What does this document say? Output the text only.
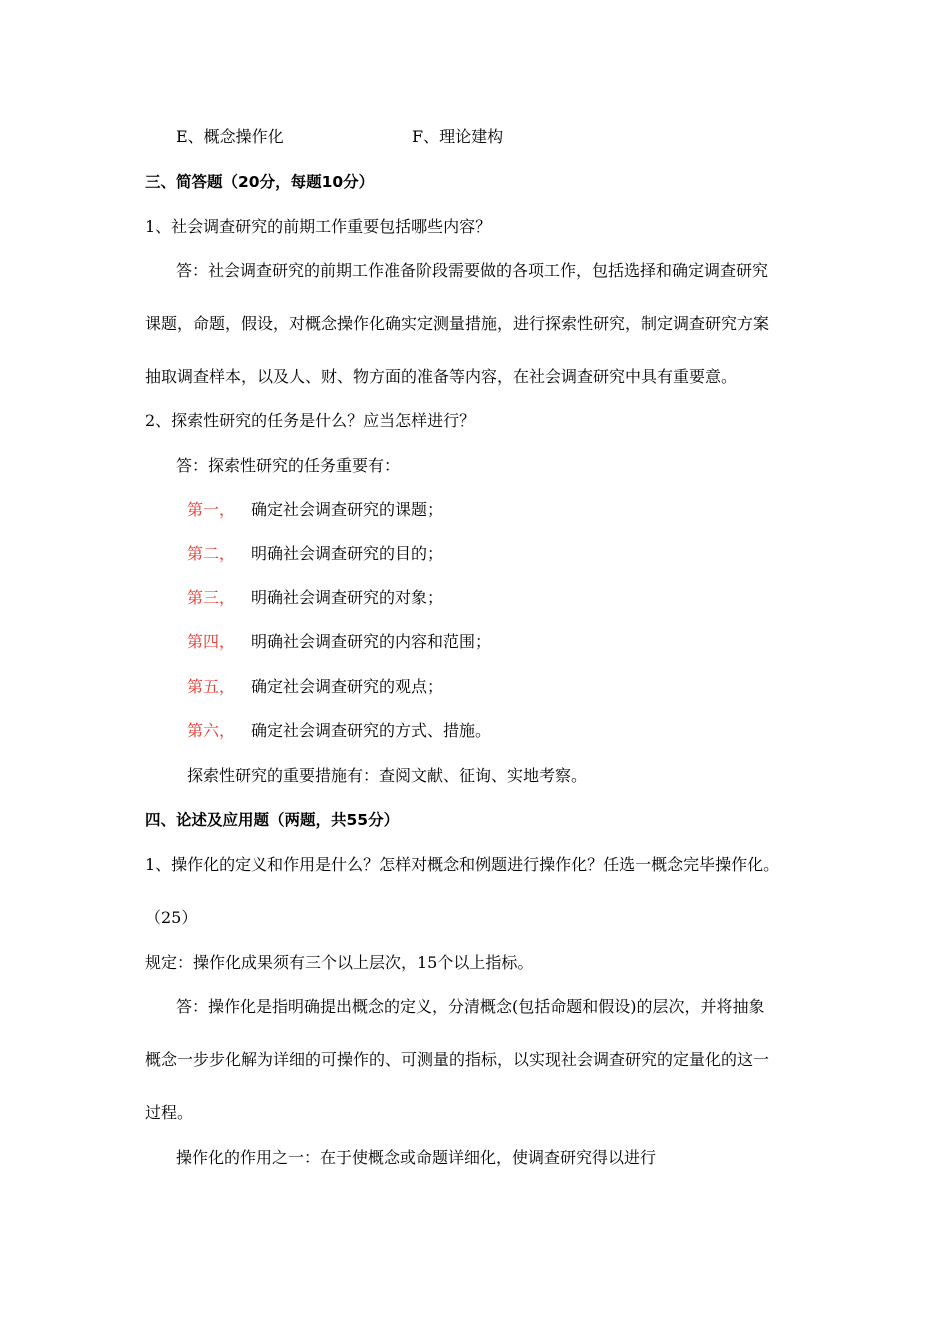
E、概念操作化	F、理论建构
三、简答题（20分，每题10分）
1、社会调查研究的前期工作重要包括哪些内容？
答：社会调查研究的前期工作准备阶段需要做的各项工作，包括选择和确定调查研究
课题，命题，假设，对概念操作化确实定测量措施，进行探索性研究，制定调查研究方案
抽取调查样本，以及人、财、物方面的准备等内容，在社会调查研究中具有重要意。
2、探索性研究的任务是什么？应当怎样进行？
答：探索性研究的任务重要有：
第一， 确定社会调查研究的课题；
第二， 明确社会调查研究的目的；
第三， 明确社会调查研究的对象；
第四， 明确社会调查研究的内容和范围；
第五， 确定社会调查研究的观点；
第六， 确定社会调查研究的方式、措施。
探索性研究的重要措施有：查阅文献、征询、实地考察。
四、论述及应用题（两题，共55分）
1、操作化的定义和作用是什么？怎样对概念和例题进行操作化？任选一概念完毕操作化。
（25）
规定：操作化成果须有三个以上层次，15个以上指标。
答：操作化是指明确提出概念的定义，分清概念(包括命题和假设)的层次，并将抽象
概念一步步化解为详细的可操作的、可测量的指标，以实现社会调查研究的定量化的这一
过程。
操作化的作用之一：在于使概念或命题详细化，使调查研究得以进行
